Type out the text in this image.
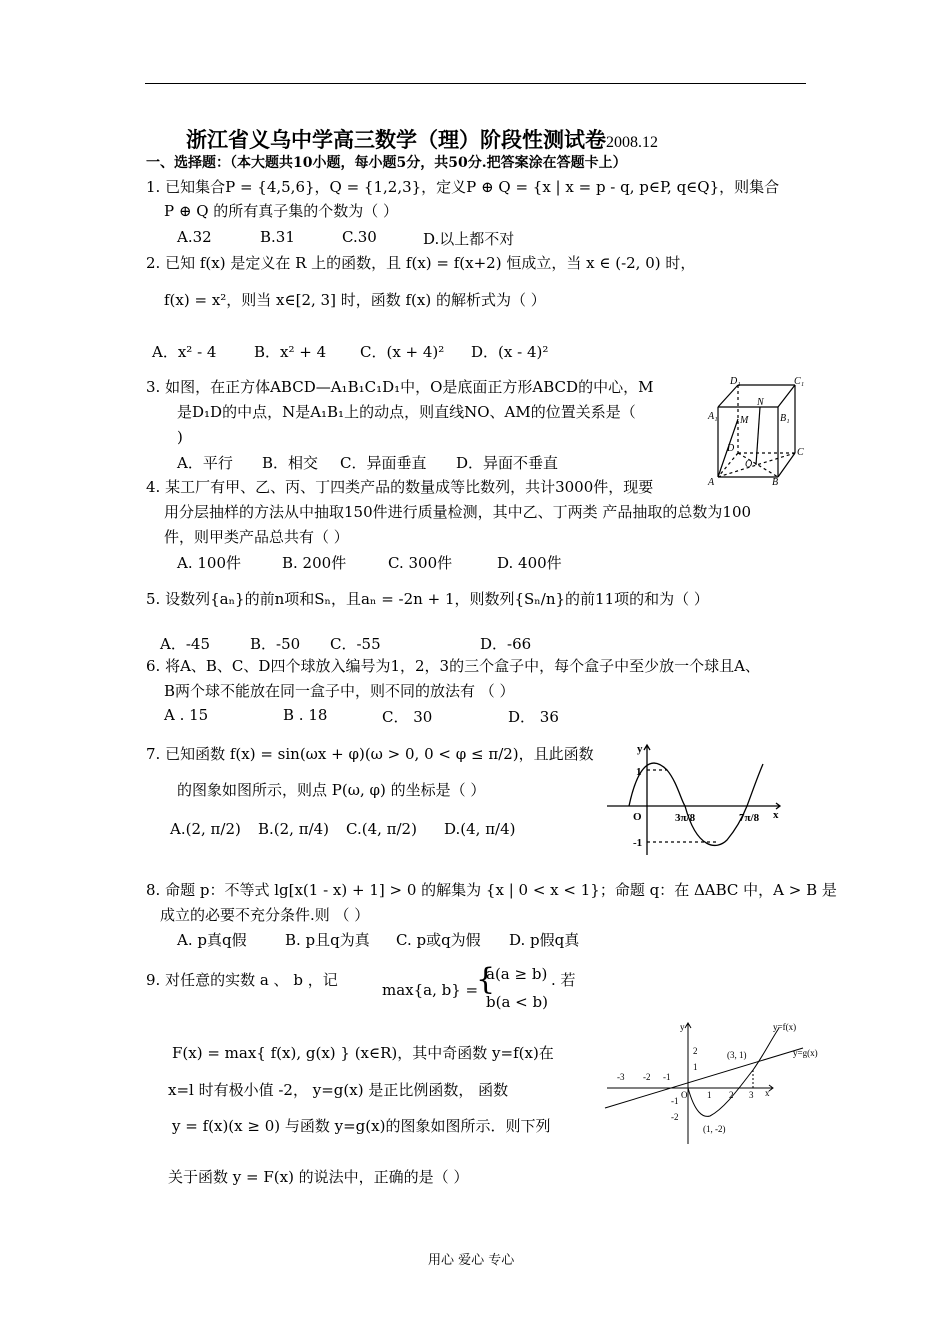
浙江省义乌中学高三数学（理）阶段性测试卷2008.12
一、选择题：（本大题共10小题，每小题5分，共50分.把答案涂在答题卡上）
1. 已知集合P = {4,5,6}，Q = {1,2,3}，定义P ⊕ Q = {x | x = p - q, p∈P, q∈Q}，则集合
P ⊕ Q 的所有真子集的个数为（ ）
A.32	B.31	C.30	D.以上都不对
2. 已知 f(x) 是定义在 R 上的函数，且 f(x) = f(x+2) 恒成立，当 x ∈ (-2, 0) 时，
f(x) = x²，则当 x∈[2, 3] 时，函数 f(x) 的解析式为（ ）
A．x² - 4	B．x² + 4 C．(x + 4)² D．(x - 4)²
3. 如图，在正方体ABCD—A₁B₁C₁D₁中，O是底面正方形ABCD的中心，M
是D₁D的中点，N是A₁B₁上的动点，则直线NO、AM的位置关系是（
)
A．平行 B．相交 C．异面垂直 D．异面不垂直
A₁
D₁	C₁
N
B₁
M
D
O
C
A	B
4. 某工厂有甲、乙、丙、丁四类产品的数量成等比数列，共计3000件，现要
用分层抽样的方法从中抽取150件进行质量检测，其中乙、丁两类 产品抽取的总数为100
件，则甲类产品总共有（ ）
A. 100件	B. 200件	C. 300件	D. 400件
5. 设数列{aₙ}的前n项和Sₙ，且aₙ = -2n + 1，则数列{Sₙ/n}的前11项的和为（ ）
A．-45	B．-50 C．-55	D．-66
6. 将A、B、C、D四个球放入编号为1，2，3的三个盒子中，每个盒子中至少放一个球且A、
B两个球不能放在同一盒子中，则不同的放法有 （ ）
A . 15	B . 18	C． 30	D． 36
7. 已知函数 f(x) = sin(ωx + φ)(ω > 0, 0 < φ ≤ π/2)，且此函数
的图象如图所示，则点 P(ω, φ) 的坐标是（ ）
A.(2, π/2) B.(2, π/4) C.(4, π/2) D.(4, π/4)
y
1
O	3π/8	7π/8 x
-1
8. 命题 p：不等式 lg[x(1 - x) + 1] > 0 的解集为 {x | 0 < x < 1}；命题 q：在 ΔABC 中，A > B 是
成立的必要不充分条件.则 （ ）
A. p真q假	B. p且q为真 C. p或q为假 D. p假q真
9. 对任意的实数 a 、 b ，记
max{a, b} =
{
a(a ≥ b)
b(a < b)
. 若
F(x) = max{ f(x), g(x) } (x∈R)，其中奇函数 y=f(x)在
x=l 时有极小值 -2， y=g(x) 是正比例函数， 函数
y = f(x)(x ≥ 0) 与函数 y=g(x)的图象如图所示．则下列
关于函数 y = F(x) 的说法中，正确的是（ ）
y	y=f(x)
y=g(x)
2
1
(3, 1)
-3 -2 -1
O 1 2 3 x
-1
-2
(1, -2)
用心 爱心 专心
